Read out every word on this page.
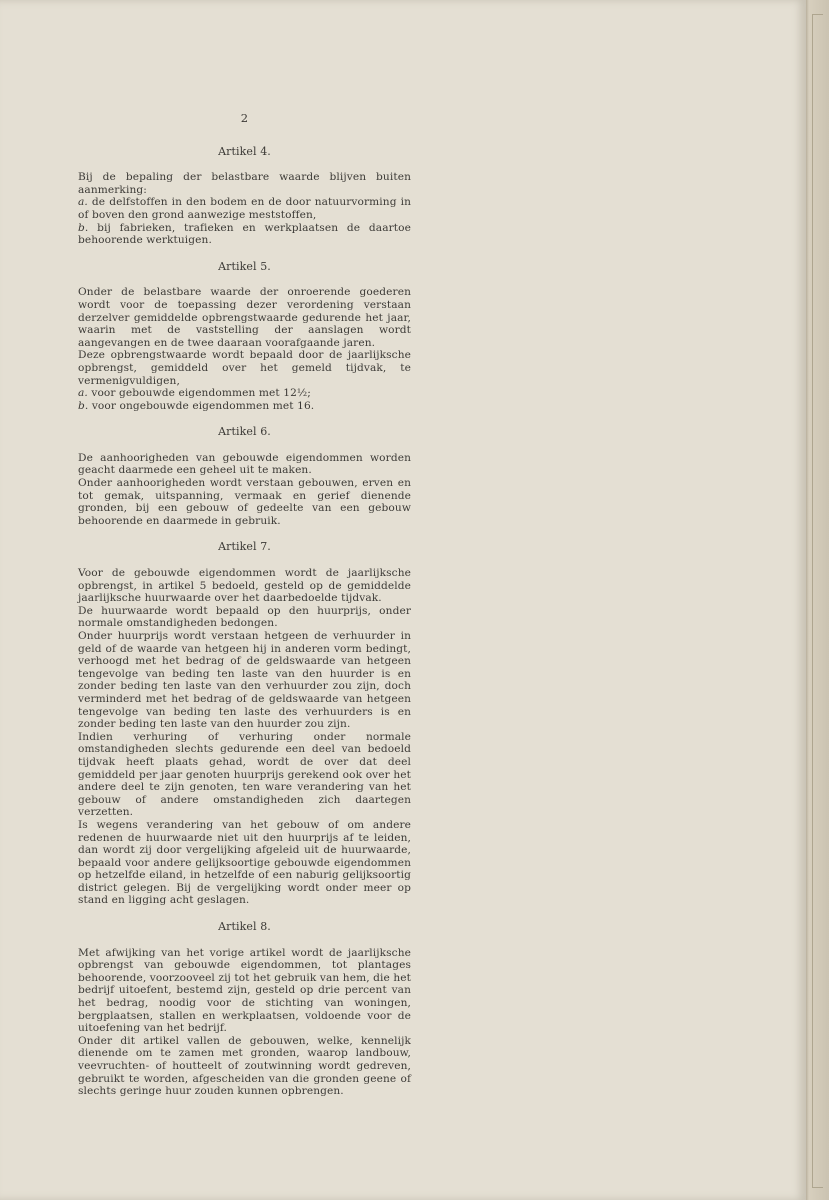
2
Artikel 4.

Bij de bepaling der belastbare waarde blijven buiten aanmerking:

a. de delfstoffen in den bodem en de door natuurvorming in of boven den grond aanwezige meststoffen,

b. bij fabrieken, trafieken en werkplaatsen de daartoe behoorende werktuigen.

Artikel 5.

Onder de belastbare waarde der onroerende goederen wordt voor de toepassing dezer verordening verstaan derzelver gemiddelde opbrengstwaarde gedurende het jaar, waarin met de vaststelling der aanslagen wordt aangevangen en de twee daaraan voorafgaande jaren.

Deze opbrengstwaarde wordt bepaald door de jaarlijksche opbrengst, gemiddeld over het gemeld tijdvak, te vermenigvuldigen,

a. voor gebouwde eigendommen met 12½;

b. voor ongebouwde eigendommen met 16.

Artikel 6.

De aanhoorigheden van gebouwde eigendommen worden geacht daarmede een geheel uit te maken.

Onder aanhoorigheden wordt verstaan gebouwen, erven en tot gemak, uitspanning, vermaak en gerief dienende gronden, bij een gebouw of gedeelte van een gebouw behoorende en daarmede in gebruik.

Artikel 7.

Voor de gebouwde eigendommen wordt de jaarlijksche opbrengst, in artikel 5 bedoeld, gesteld op de gemiddelde jaarlijksche huurwaarde over het daarbedoelde tijdvak.

De huurwaarde wordt bepaald op den huurprijs, onder normale omstandigheden bedongen.

Onder huurprijs wordt verstaan hetgeen de verhuurder in geld of de waarde van hetgeen hij in anderen vorm bedingt, verhoogd met het bedrag of de geldswaarde van hetgeen tengevolge van beding ten laste van den huurder is en zonder beding ten laste van den verhuurder zou zijn, doch verminderd met het bedrag of de geldswaarde van hetgeen tengevolge van beding ten laste des verhuurders is en zonder beding ten laste van den huurder zou zijn.

Indien verhuring of verhuring onder normale omstandigheden slechts gedurende een deel van bedoeld tijdvak heeft plaats gehad, wordt de over dat deel gemiddeld per jaar genoten huurprijs gerekend ook over het andere deel te zijn genoten, ten ware verandering van het gebouw of andere omstandigheden zich daartegen verzetten.

Is wegens verandering van het gebouw of om andere redenen de huurwaarde niet uit den huurprijs af te leiden, dan wordt zij door vergelijking afgeleid uit de huurwaarde, bepaald voor andere gelijksoortige gebouwde eigendommen op hetzelfde eiland, in hetzelfde of een naburig gelijksoortig district gelegen. Bij de vergelijking wordt onder meer op stand en ligging acht geslagen.

Artikel 8.

Met afwijking van het vorige artikel wordt de jaarlijksche opbrengst van gebouwde eigendommen, tot plantages behoorende, voorzooveel zij tot het gebruik van hem, die het bedrijf uitoefent, bestemd zijn, gesteld op drie percent van het bedrag, noodig voor de stichting van woningen, bergplaatsen, stallen en werkplaatsen, voldoende voor de uitoefening van het bedrijf.

Onder dit artikel vallen de gebouwen, welke, kennelijk dienende om te zamen met gronden, waarop landbouw, veevruchten- of houtteelt of zoutwinning wordt gedreven, gebruikt te worden, afgescheiden van die gronden geene of slechts geringe huur zouden kunnen opbrengen.
